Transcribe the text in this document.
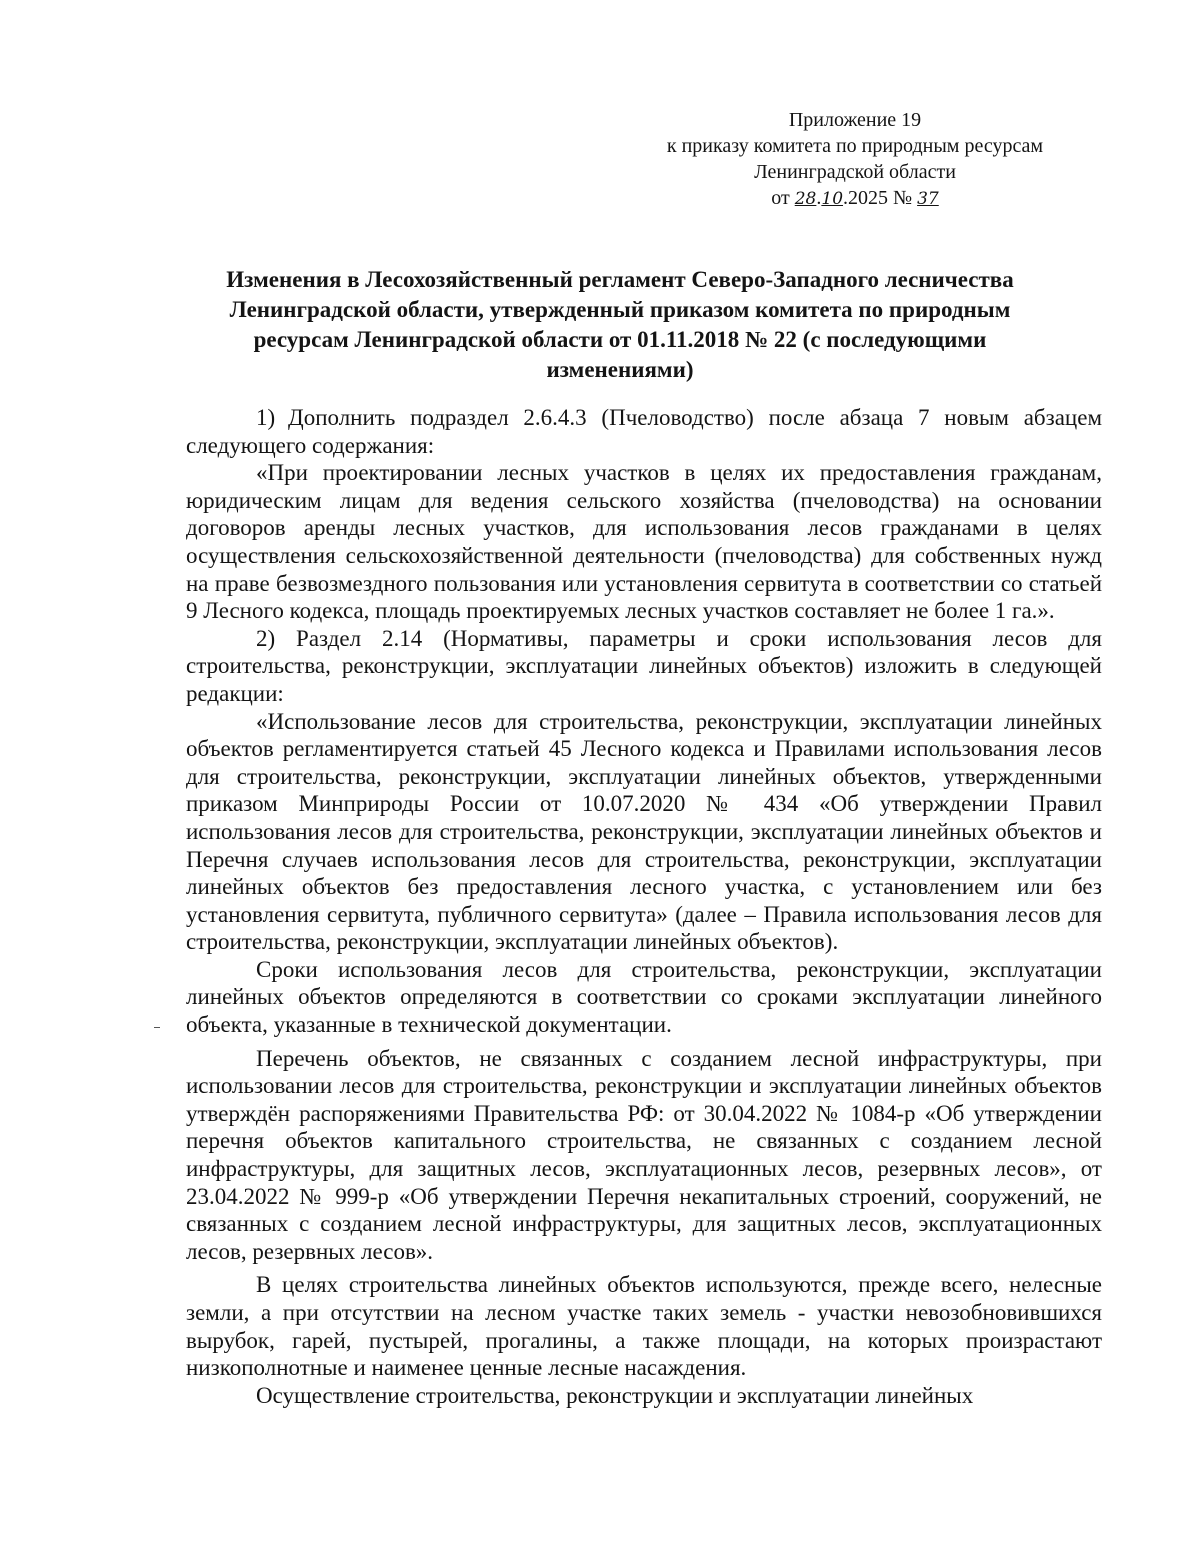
Приложение 19
к приказу комитета по природным ресурсам
Ленинградской области
от 28.10.2025 № 37
Изменения в Лесохозяйственный регламент Северо-Западного лесничества Ленинградской области, утвержденный приказом комитета по природным ресурсам Ленинградской области от 01.11.2018 № 22 (с последующими изменениями)

1) Дополнить подраздел 2.6.4.3 (Пчеловодство) после абзаца 7 новым абзацем следующего содержания:

«При проектировании лесных участков в целях их предоставления гражданам, юридическим лицам для ведения сельского хозяйства (пчеловодства) на основании договоров аренды лесных участков, для использования лесов гражданами в целях осуществления сельскохозяйственной деятельности (пчеловодства) для собственных нужд на праве безвозмездного пользования или установления сервитута в соответствии со статьей 9 Лесного кодекса, площадь проектируемых лесных участков составляет не более 1 га.».

2) Раздел 2.14 (Нормативы, параметры и сроки использования лесов для строительства, реконструкции, эксплуатации линейных объектов) изложить в следующей редакции:

«Использование лесов для строительства, реконструкции, эксплуатации линейных объектов регламентируется статьей 45 Лесного кодекса и Правилами использования лесов для строительства, реконструкции, эксплуатации линейных объектов, утвержденными приказом Минприроды России от 10.07.2020 № 434 «Об утверждении Правил использования лесов для строительства, реконструкции, эксплуатации линейных объектов и Перечня случаев использования лесов для строительства, реконструкции, эксплуатации линейных объектов без предоставления лесного участка, с установлением или без установления сервитута, публичного сервитута» (далее – Правила использования лесов для строительства, реконструкции, эксплуатации линейных объектов).

Сроки использования лесов для строительства, реконструкции, эксплуатации линейных объектов определяются в соответствии со сроками эксплуатации линейного объекта, указанные в технической документации.

Перечень объектов, не связанных с созданием лесной инфраструктуры, при использовании лесов для строительства, реконструкции и эксплуатации линейных объектов утверждён распоряжениями Правительства РФ: от 30.04.2022 № 1084-р «Об утверждении перечня объектов капитального строительства, не связанных с созданием лесной инфраструктуры, для защитных лесов, эксплуатационных лесов, резервных лесов», от 23.04.2022 № 999-р «Об утверждении Перечня некапитальных строений, сооружений, не связанных с созданием лесной инфраструктуры, для защитных лесов, эксплуатационных лесов, резервных лесов».

В целях строительства линейных объектов используются, прежде всего, нелесные земли, а при отсутствии на лесном участке таких земель - участки невозобновившихся вырубок, гарей, пустырей, прогалины, а также площади, на которых произрастают низкополнотные и наименее ценные лесные насаждения.

Осуществление строительства, реконструкции и эксплуатации линейных
